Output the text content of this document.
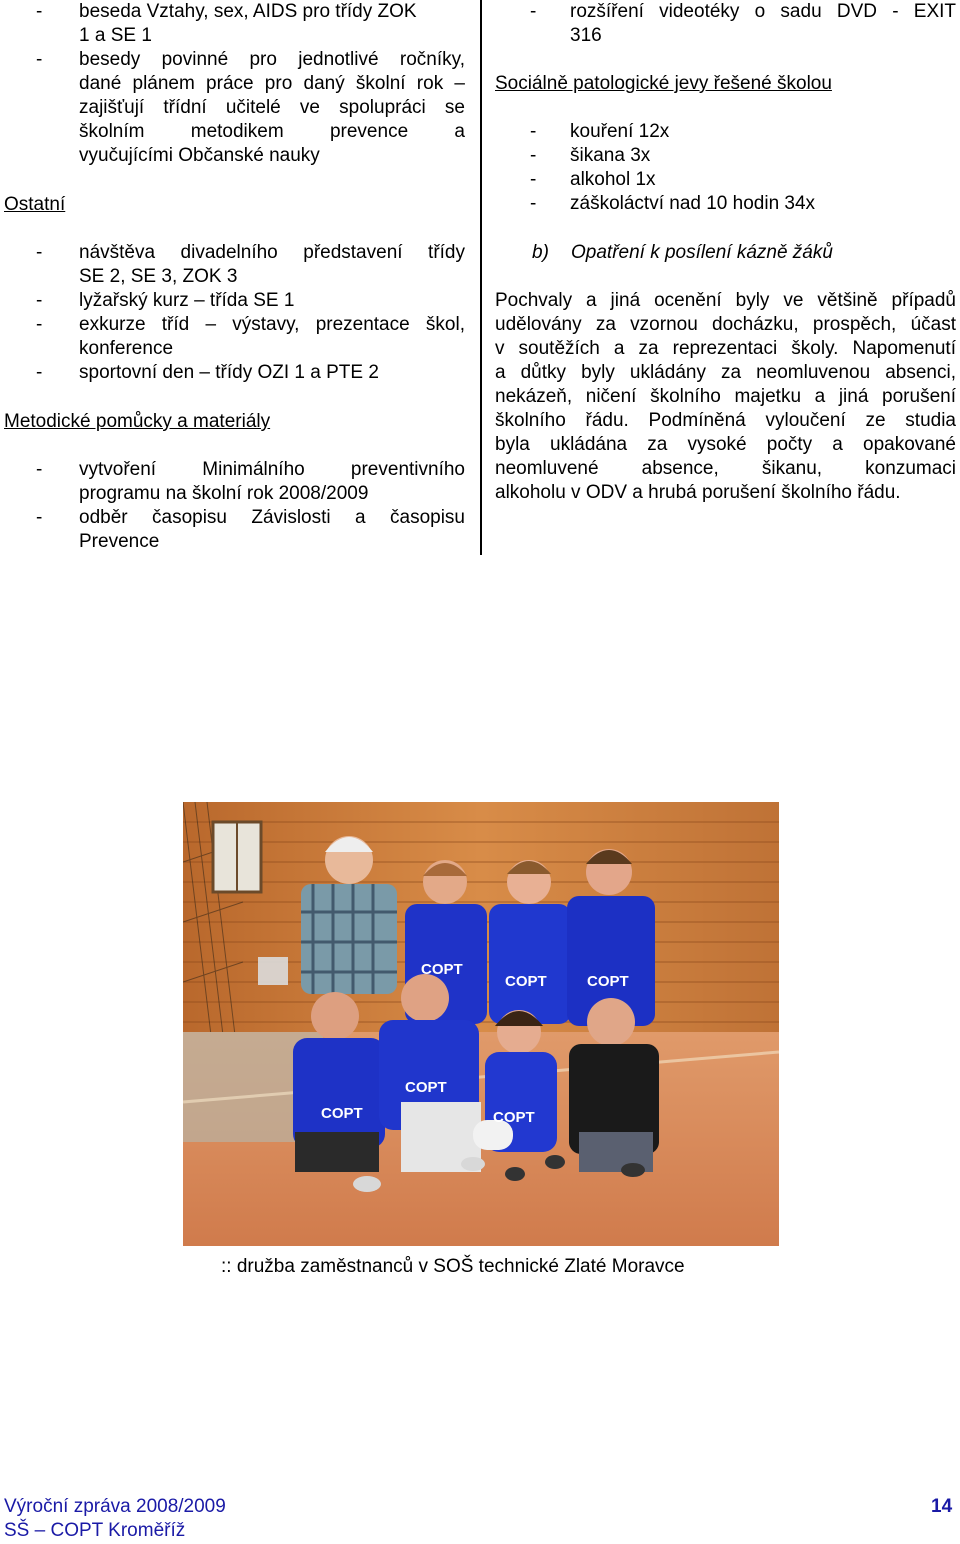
- beseda Vztahy, sex, AIDS pro třídy ZOK
1 a SE 1
- besedy povinné pro jednotlivé ročníky,
dané plánem práce pro daný školní rok –
zajišťují třídní učitelé ve spolupráci se
školním metodikem prevence a
vyučujícími Občanské nauky
Ostatní
- návštěva divadelního představení třídy
SE 2, SE 3, ZOK 3
- lyžařský kurz – třída SE 1
- exkurze tříd – výstavy, prezentace škol,
konference
- sportovní den – třídy OZI 1 a PTE 2
Metodické pomůcky a materiály
- vytvoření Minimálního preventivního
programu na školní rok 2008/2009
- odběr časopisu Závislosti a časopisu
Prevence
- rozšíření videotéky o sadu DVD - EXIT
316
Sociálně patologické jevy řešené školou
- kouření 12x
- šikana 3x
- alkohol 1x
- záškoláctví nad 10 hodin 34x
b) Opatření k posílení kázně žáků
Pochvaly a jiná ocenění byly ve většině případů
udělovány za vzornou docházku, prospěch, účast
v soutěžích a za reprezentaci školy. Napomenutí
a důtky byly ukládány za neomluvenou absenci,
nekázeň, ničení školního majetku a jiná porušení
školního řádu. Podmíněná vyloučení ze studia
byla ukládána za vysoké počty a opakované
neomluvené absence, šikanu, konzumaci
alkoholu v ODV a hrubá porušení školního řádu.
COPT
COPT	COPT
COPT
COPT
COPT
:: družba zaměstnanců v SOŠ technické Zlaté Moravce
Výroční zpráva 2008/2009
SŠ – COPT Kroměříž
14
